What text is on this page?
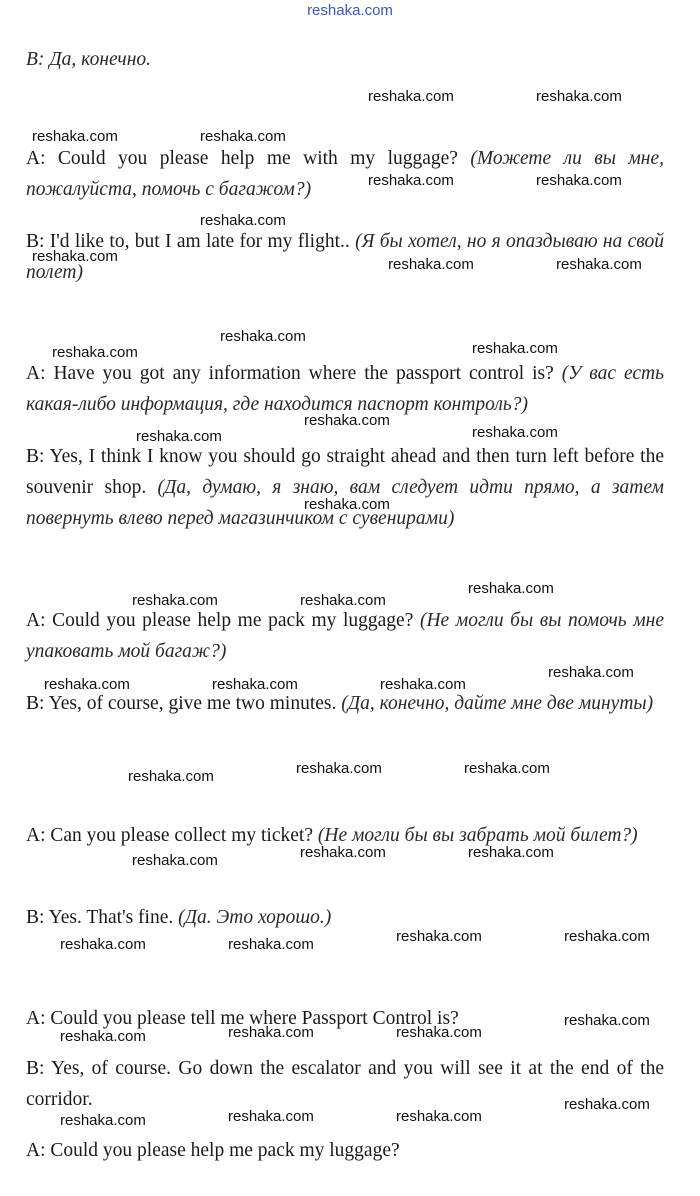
reshaka.com

B: Да, конечно.

A: Could you please help me with my luggage? (Можете ли вы мне, пожалуйста, помочь с багажом?)

B: I'd like to, but I am late for my flight.. (Я бы хотел, но я опаздываю на свой полет)

A: Have you got any information where the passport control is? (У вас есть какая-либо информация, где находится паспорт контроль?)

B: Yes, I think I know you should go straight ahead and then turn left before the souvenir shop. (Да, думаю, я знаю, вам следует идти прямо, а затем повернуть влево перед магазинчиком с сувенирами)

A: Could you please help me pack my luggage? (Не могли бы вы помочь мне упаковать мой багаж?)

B: Yes, of course, give me two minutes. (Да, конечно, дайте мне две минуты)

A: Can you please collect my ticket? (Не могли бы вы забрать мой билет?)

B: Yes. That's fine. (Да. Это хорошо.)

A: Could you please tell me where Passport Control is?

B: Yes, of course. Go down the escalator and you will see it at the end of the corridor.

A: Could you please help me pack my luggage?

reshaka.com	reshaka.com
reshaka.com	reshaka.com
reshaka.com	reshaka.com
reshaka.com
reshaka.com	reshaka.com	reshaka.com
reshaka.com
reshaka.com	reshaka.com
reshaka.com
reshaka.com	reshaka.com
reshaka.com
reshaka.com
reshaka.com	reshaka.com
reshaka.com
reshaka.com	reshaka.com	reshaka.com
reshaka.com	reshaka.com
reshaka.com
reshaka.com	reshaka.com
reshaka.com
reshaka.com	reshaka.com
reshaka.com	reshaka.com
reshaka.com
reshaka.com	reshaka.com	reshaka.com
reshaka.com
reshaka.com	reshaka.com	reshaka.com
